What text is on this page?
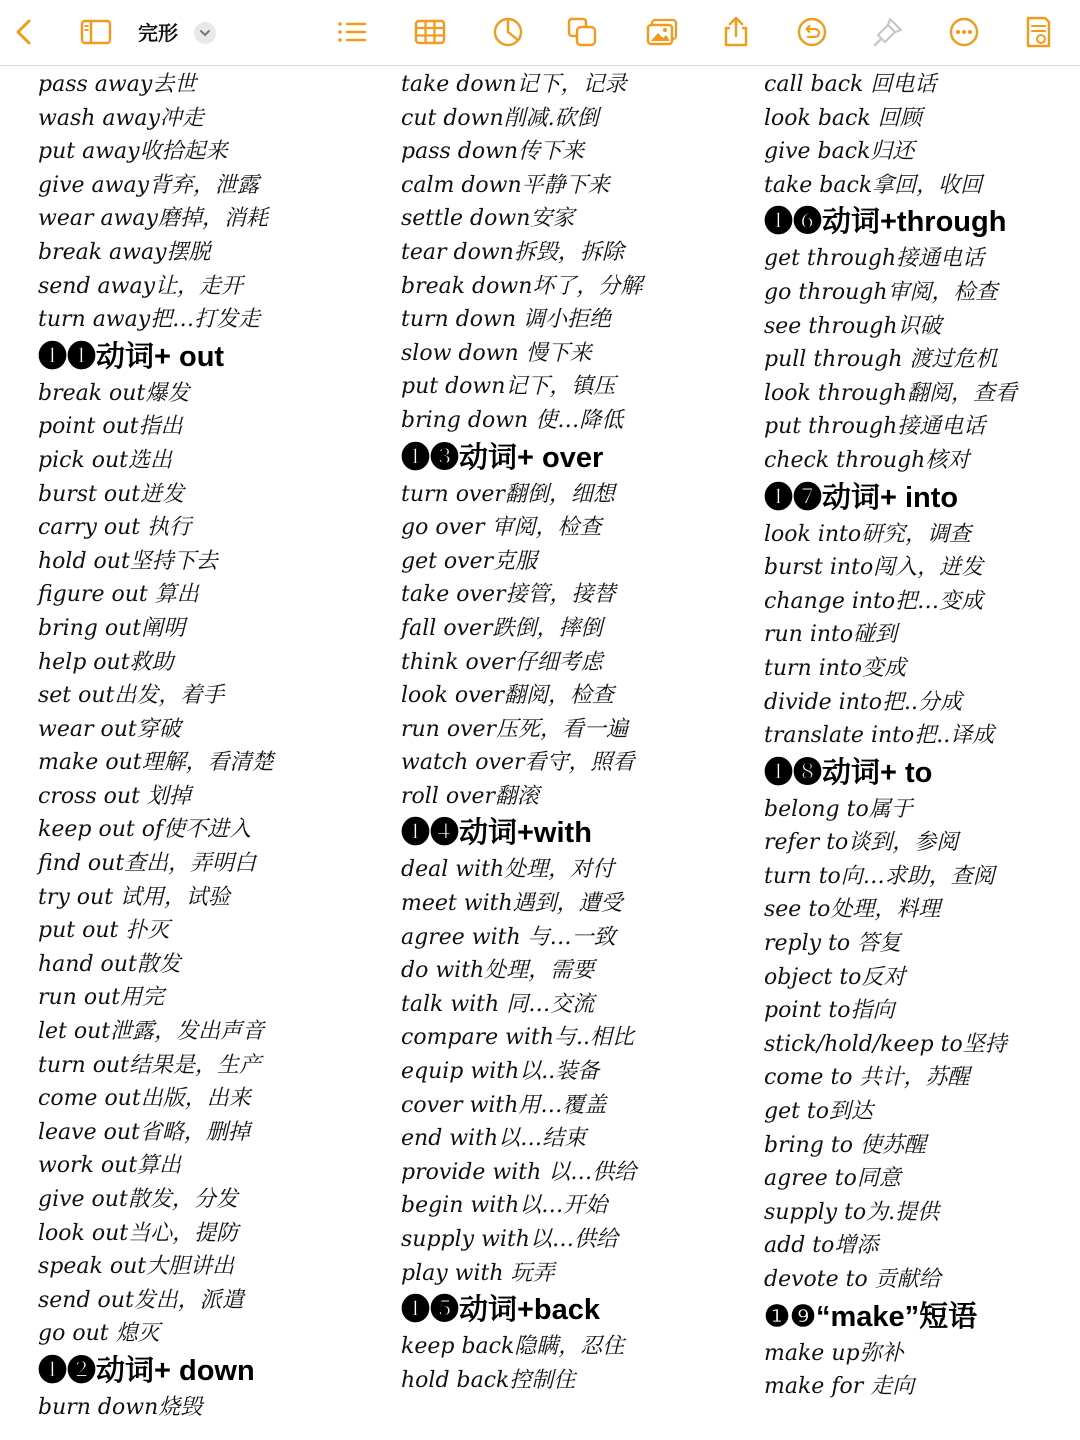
完形
pass away去世
wash away冲走
put away收拾起来
give away背弃，泄露
wear away磨掉，消耗
break away摆脱
send away让，走开
turn away把…打发走
❶❶动词+ out
break out爆发
point out指出
pick out选出
burst out迸发
carry out 执行
hold out坚持下去
figure out 算出
bring out阐明
help out救助
set out出发，着手
wear out穿破
make out理解，看清楚
cross out 划掉
keep out of使不进入
find out查出，弄明白
try out 试用，试验
put out 扑灭
hand out散发
run out用完
let out泄露，发出声音
turn out结果是，生产
come out出版，出来
leave out省略，删掉
work out算出
give out散发，分发
look out当心，提防
speak out大胆讲出
send out发出，派遣
go out 熄灭
❶❷动词+ down
burn down烧毁
take down记下，记录
cut down削减.砍倒
pass down传下来
calm down平静下来
settle down安家
tear down拆毁，拆除
break down坏了，分解
turn down 调小拒绝
slow down 慢下来
put down记下，镇压
bring down 使…降低
❶❸动词+ over
turn over翻倒，细想
go over 审阅，检查
get over克服
take over接管，接替
fall over跌倒，摔倒
think over仔细考虑
look over翻阅，检查
run over压死，看一遍
watch over看守，照看
roll over翻滚
❶❹动词+with
deal with处理，对付
meet with遇到，遭受
agree with 与…一致
do with处理，需要
talk with 同…交流
compare with与..相比
equip with以..装备
cover with用…覆盖
end with以…结束
provide with 以…供给
begin with以…开始
supply with以…供给
play with 玩弄
❶❺动词+back
keep back隐瞒，忍住
hold back控制住
call back 回电话
look back 回顾
give back归还
take back拿回，收回
❶❻动词+through
get through接通电话
go through审阅，检查
see through识破
pull through 渡过危机
look through翻阅，查看
put through接通电话
check through核对
❶❼动词+ into
look into研究，调查
burst into闯入，迸发
change into把…变成
run into碰到
turn into变成
divide into把..分成
translate into把..译成
❶❽动词+ to
belong to属于
refer to谈到，参阅
turn to向…求助，查阅
see to处理，料理
reply to 答复
object to反对
point to指向
stick/hold/keep to坚持
come to 共计，苏醒
get to到达
bring to 使苏醒
agree to同意
supply to为.提供
add to增添
devote to 贡献给
❶❾“make”短语
make up弥补
make for 走向
